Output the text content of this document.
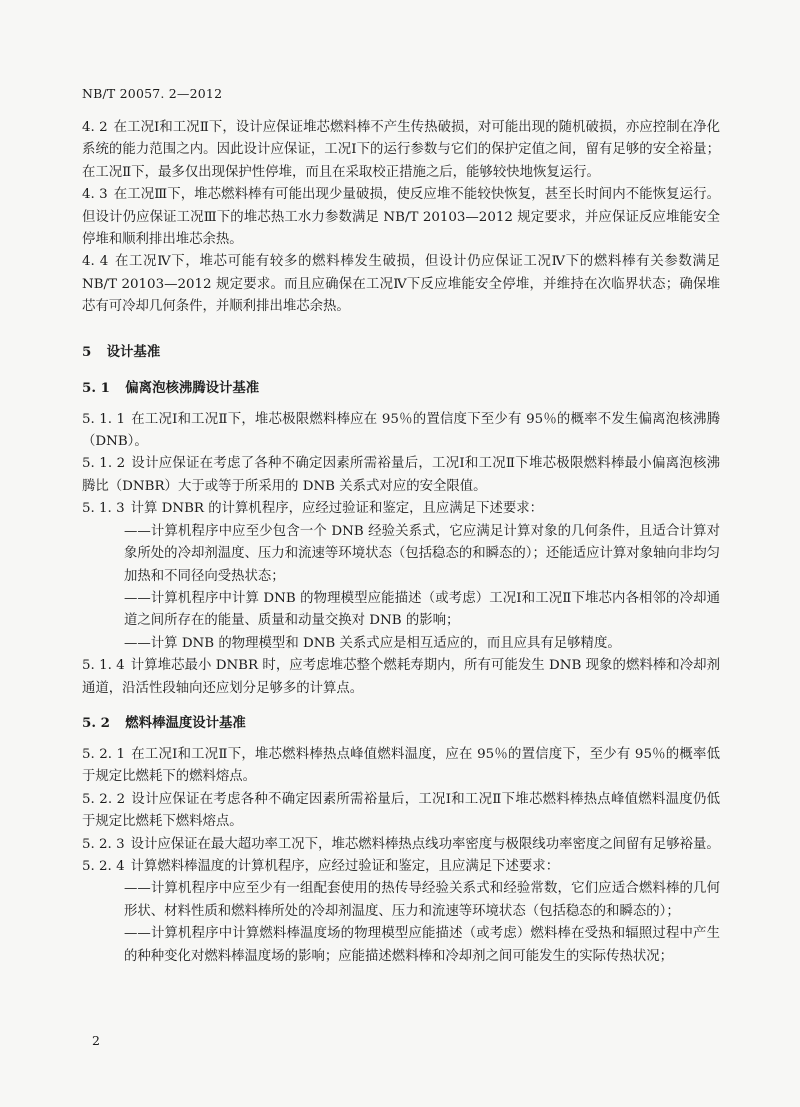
NB/T 20057. 2—2012

4. 2 在工况Ⅰ和工况Ⅱ下，设计应保证堆芯燃料棒不产生传热破损，对可能出现的随机破损，亦应控制在净化系统的能力范围之内。因此设计应保证，工况Ⅰ下的运行参数与它们的保护定值之间，留有足够的安全裕量；在工况Ⅱ下，最多仅出现保护性停堆，而且在采取校正措施之后，能够较快地恢复运行。

4. 3 在工况Ⅲ下，堆芯燃料棒有可能出现少量破损，使反应堆不能较快恢复，甚至长时间内不能恢复运行。但设计仍应保证工况Ⅲ下的堆芯热工水力参数满足 NB/T 20103—2012 规定要求，并应保证反应堆能安全停堆和顺利排出堆芯余热。

4. 4 在工况Ⅳ下，堆芯可能有较多的燃料棒发生破损，但设计仍应保证工况Ⅳ下的燃料棒有关参数满足 NB/T 20103—2012 规定要求。而且应确保在工况Ⅳ下反应堆能安全停堆，并维持在次临界状态；确保堆芯有可冷却几何条件，并顺利排出堆芯余热。

5 设计基准
5. 1 偏离泡核沸腾设计基准

5. 1. 1 在工况Ⅰ和工况Ⅱ下，堆芯极限燃料棒应在 95％的置信度下至少有 95％的概率不发生偏离泡核沸腾（DNB）。

5. 1. 2 设计应保证在考虑了各种不确定因素所需裕量后，工况Ⅰ和工况Ⅱ下堆芯极限燃料棒最小偏离泡核沸腾比（DNBR）大于或等于所采用的 DNB 关系式对应的安全限值。

5. 1. 3 计算 DNBR 的计算机程序，应经过验证和鉴定，且应满足下述要求：

——计算机程序中应至少包含一个 DNB 经验关系式，它应满足计算对象的几何条件，且适合计算对象所处的冷却剂温度、压力和流速等环境状态（包括稳态的和瞬态的）；还能适应计算对象轴向非均匀加热和不同径向受热状态；

——计算机程序中计算 DNB 的物理模型应能描述（或考虑）工况Ⅰ和工况Ⅱ下堆芯内各相邻的冷却通道之间所存在的能量、质量和动量交换对 DNB 的影响；

——计算 DNB 的物理模型和 DNB 关系式应是相互适应的，而且应具有足够精度。

5. 1. 4 计算堆芯最小 DNBR 时，应考虑堆芯整个燃耗寿期内，所有可能发生 DNB 现象的燃料棒和冷却剂通道，沿活性段轴向还应划分足够多的计算点。

5. 2 燃料棒温度设计基准

5. 2. 1 在工况Ⅰ和工况Ⅱ下，堆芯燃料棒热点峰值燃料温度，应在 95％的置信度下，至少有 95％的概率低于规定比燃耗下的燃料熔点。

5. 2. 2 设计应保证在考虑各种不确定因素所需裕量后，工况Ⅰ和工况Ⅱ下堆芯燃料棒热点峰值燃料温度仍低于规定比燃耗下燃料熔点。

5. 2. 3 设计应保证在最大超功率工况下，堆芯燃料棒热点线功率密度与极限线功率密度之间留有足够裕量。

5. 2. 4 计算燃料棒温度的计算机程序，应经过验证和鉴定，且应满足下述要求：

——计算机程序中应至少有一组配套使用的热传导经验关系式和经验常数，它们应适合燃料棒的几何形状、材料性质和燃料棒所处的冷却剂温度、压力和流速等环境状态（包括稳态的和瞬态的）；

——计算机程序中计算燃料棒温度场的物理模型应能描述（或考虑）燃料棒在受热和辐照过程中产生的种种变化对燃料棒温度场的影响；应能描述燃料棒和冷却剂之间可能发生的实际传热状况；

2
